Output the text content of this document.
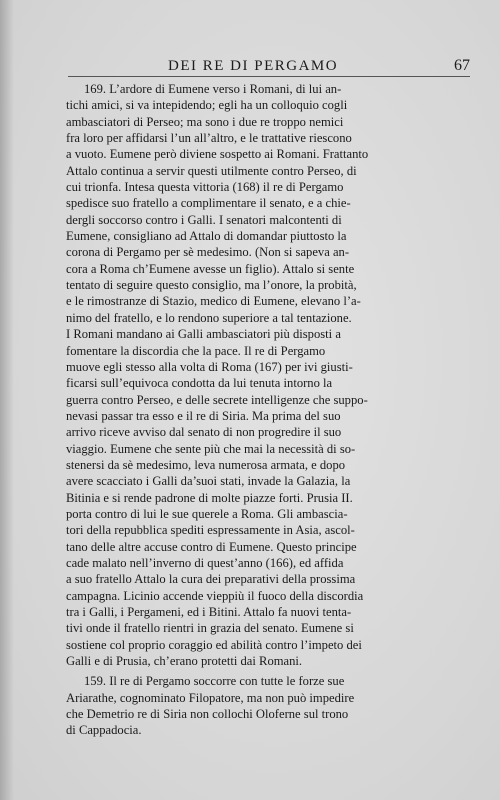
DEI RE DI PERGAMO	67
169. L’ardore di Eumene verso i Romani, di lui an-
tichi amici, si va intepidendo; egli ha un colloquio cogli
ambasciatori di Perseo; ma sono i due re troppo nemici
fra loro per affidarsi l’un all’altro, e le trattative riescono
a vuoto. Eumene però diviene sospetto ai Romani. Frattanto
Attalo continua a servir questi utilmente contro Perseo, di
cui trionfa. Intesa questa vittoria (168) il re di Pergamo
spedisce suo fratello a complimentare il senato, e a chie-
dergli soccorso contro i Galli. I senatori malcontenti di
Eumene, consigliano ad Attalo di domandar piuttosto la
corona di Pergamo per sè medesimo. (Non si sapeva an-
cora a Roma ch’Eumene avesse un figlio). Attalo si sente
tentato di seguire questo consiglio, ma l’onore, la probità,
e le rimostranze di Stazio, medico di Eumene, elevano l’a-
nimo del fratello, e lo rendono superiore a tal tentazione.
I Romani mandano ai Galli ambasciatori più disposti a
fomentare la discordia che la pace. Il re di Pergamo
muove egli stesso alla volta di Roma (167) per ivi giusti-
ficarsi sull’equivoca condotta da lui tenuta intorno la
guerra contro Perseo, e delle secrete intelligenze che suppo-
nevasi passar tra esso e il re di Siria. Ma prima del suo
arrivo riceve avviso dal senato di non progredire il suo
viaggio. Eumene che sente più che mai la necessità di so-
stenersi da sè medesimo, leva numerosa armata, e dopo
avere scacciato i Galli da’suoi stati, invade la Galazia, la
Bitinia e si rende padrone di molte piazze forti. Prusia II.
porta contro di lui le sue querele a Roma. Gli ambascia-
tori della repubblica spediti espressamente in Asia, ascol-
tano delle altre accuse contro di Eumene. Questo principe
cade malato nell’inverno di quest’anno (166), ed affida
a suo fratello Attalo la cura dei preparativi della prossima
campagna. Licinio accende vieppiù il fuoco della discordia
tra i Galli, i Pergameni, ed i Bitini. Attalo fa nuovi tenta-
tivi onde il fratello rientri in grazia del senato. Eumene si
sostiene col proprio coraggio ed abilità contro l’impeto dei
Galli e di Prusia, ch’erano protetti dai Romani.
159. Il re di Pergamo soccorre con tutte le forze sue
Ariarathe, cognominato Filopatore, ma non può impedire
che Demetrio re di Siria non collochi Oloferne sul trono
di Cappadocia.
